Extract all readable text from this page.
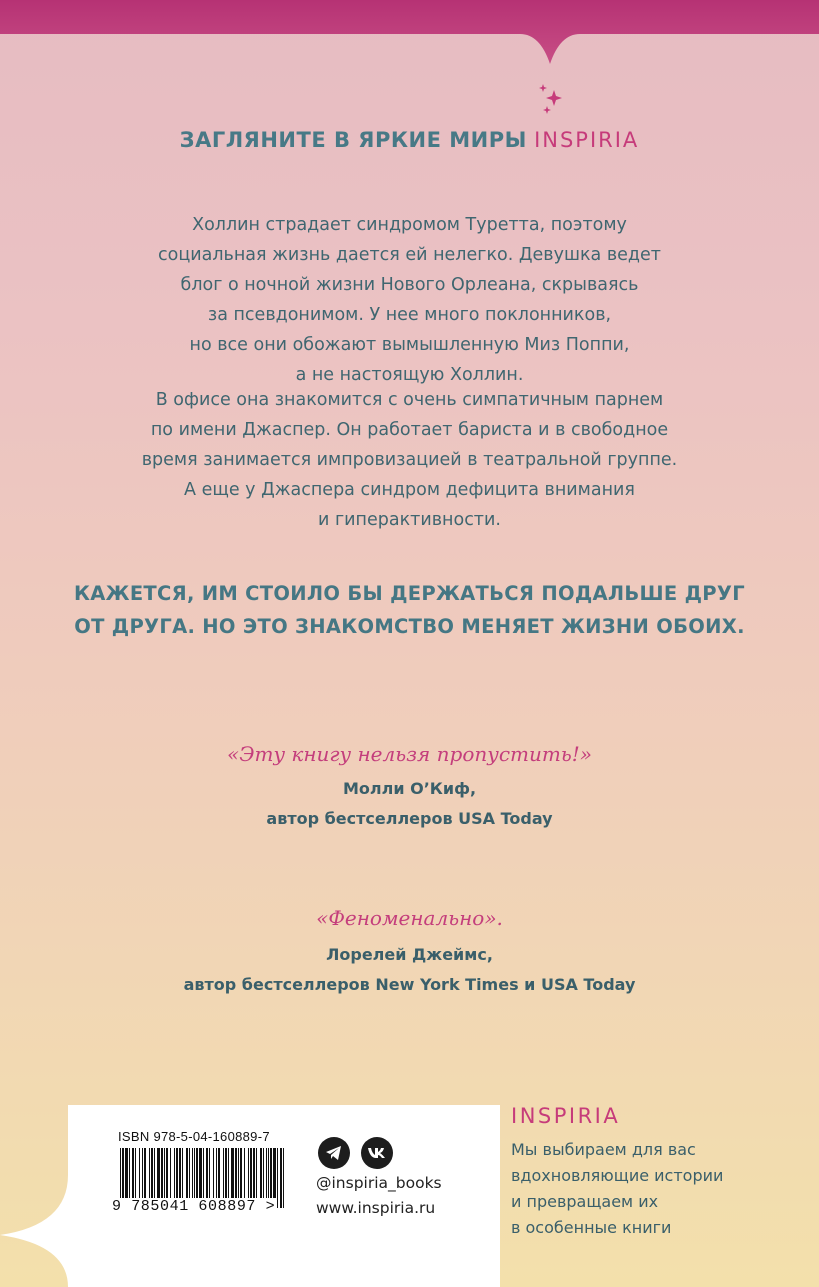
ЗАГЛЯНИТЕ В ЯРКИЕ МИРЫ INSPIRIA
Холлин страдает синдромом Туретта, поэтому
социальная жизнь дается ей нелегко. Девушка ведет
блог о ночной жизни Нового Орлеана, скрываясь
за псевдонимом. У нее много поклонников,
но все они обожают вымышленную Миз Поппи,
а не настоящую Холлин.
В офисе она знакомится с очень симпатичным парнем
по имени Джаспер. Он работает бариста и в свободное
время занимается импровизацией в театральной группе.
А еще у Джаспера синдром дефицита внимания
и гиперактивности.
КАЖЕТСЯ, ИМ СТОИЛО БЫ ДЕРЖАТЬСЯ ПОДАЛЬШЕ ДРУГ
ОТ ДРУГА. НО ЭТО ЗНАКОМСТВО МЕНЯЕТ ЖИЗНИ ОБОИХ.
«Эту книгу нельзя пропустить!»
Молли О’Киф,
автор бестселлеров USA Today
«Феноменально».
Лорелей Джеймс,
автор бестселлеров New York Times и USA Today
ISBN 978-5-04-160889-7
9 785041 608897 >
@inspiria_books
www.inspiria.ru
INSPIRIA
Мы выбираем для вас
вдохновляющие истории
и превращаем их
в особенные книги
